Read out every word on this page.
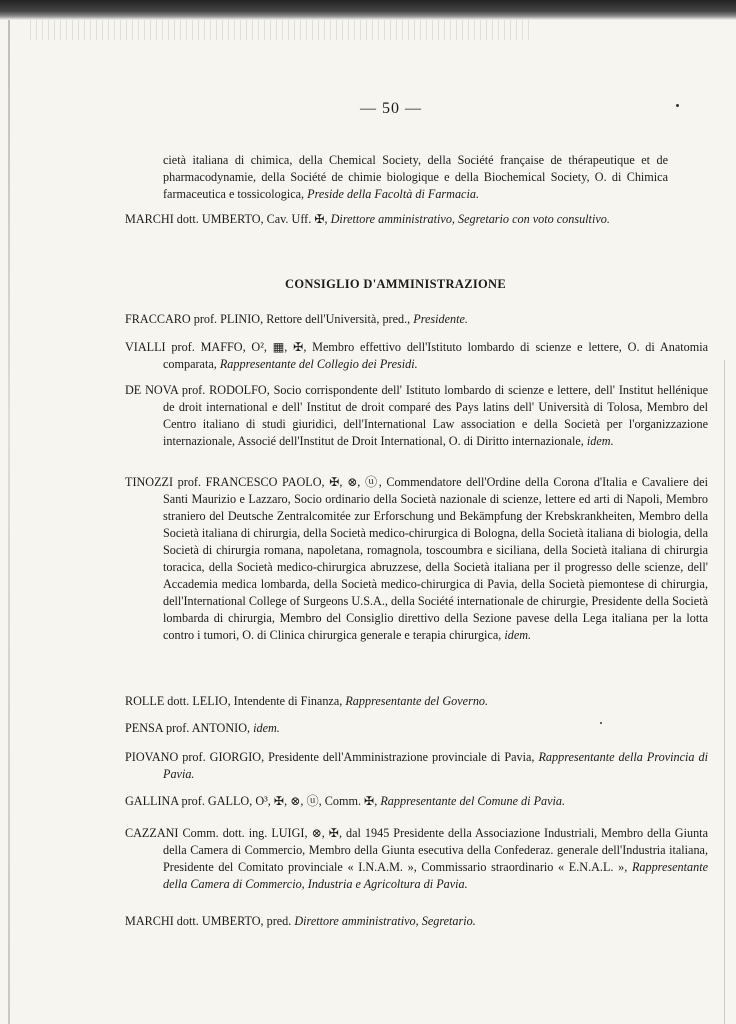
— 50 —

cietà italiana di chimica, della Chemical Society, della Société française de thérapeutique et de pharmacodynamie, della Société de chimie biologique e della Biochemical Society, O. di Chimica farmaceutica e tossicologica, Preside della Facoltà di Farmacia.

MARCHI dott. UMBERTO, Cav. Uff. ✠, Direttore amministrativo, Segretario con voto consultivo.

CONSIGLIO D'AMMINISTRAZIONE

FRACCARO prof. PLINIO, Rettore dell'Università, pred., Presidente.

VIALLI prof. MAFFO, O², ▦, ✠, Membro effettivo dell'Istituto lombardo di scienze e lettere, O. di Anatomia comparata, Rappresentante del Collegio dei Presidi.

DE NOVA prof. RODOLFO, Socio corrispondente dell' Istituto lombardo di scienze e lettere, dell' Institut hellénique de droit international e dell' Institut de droit comparé des Pays latins dell' Università di Tolosa, Membro del Centro italiano di studi giuridici, dell'International Law association e della Società per l'organizzazione internazionale, Associé dell'Institut de Droit International, O. di Diritto internazionale, idem.

TINOZZI prof. FRANCESCO PAOLO, ✠, ⊗, ⓤ, Commendatore dell'Ordine della Corona d'Italia e Cavaliere dei Santi Maurizio e Lazzaro, Socio ordinario della Società nazionale di scienze, lettere ed arti di Napoli, Membro straniero del Deutsche Zentralcomitée zur Erforschung und Bekämpfung der Krebskrankheiten, Membro della Società italiana di chirurgia, della Società medico-chirurgica di Bologna, della Società italiana di biologia, della Società di chirurgia romana, napoletana, romagnola, toscoumbra e siciliana, della Società italiana di chirurgia toracica, della Società medico-chirurgica abruzzese, della Società italiana per il progresso delle scienze, dell' Accademia medica lombarda, della Società medico-chirurgica di Pavia, della Società piemontese di chirurgia, dell'International College of Surgeons U.S.A., della Société internationale de chirurgie, Presidente della Società lombarda di chirurgia, Membro del Consiglio direttivo della Sezione pavese della Lega italiana per la lotta contro i tumori, O. di Clinica chirurgica generale e terapia chirurgica, idem.

ROLLE dott. LELIO, Intendente di Finanza, Rappresentante del Governo.

PENSA prof. ANTONIO, idem.

PIOVANO prof. GIORGIO, Presidente dell'Amministrazione provinciale di Pavia, Rappresentante della Provincia di Pavia.

GALLINA prof. GALLO, O³, ✠, ⊗, ⓤ, Comm. ✠, Rappresentante del Comune di Pavia.

CAZZANI Comm. dott. ing. LUIGI, ⊗, ✠, dal 1945 Presidente della Associazione Industriali, Membro della Giunta della Camera di Commercio, Membro della Giunta esecutiva della Confederaz. generale dell'Industria italiana, Presidente del Comitato provinciale « I.N.A.M. », Commissario straordinario « E.N.A.L. », Rappresentante della Camera di Commercio, Industria e Agricoltura di Pavia.

MARCHI dott. UMBERTO, pred. Direttore amministrativo, Segretario.
